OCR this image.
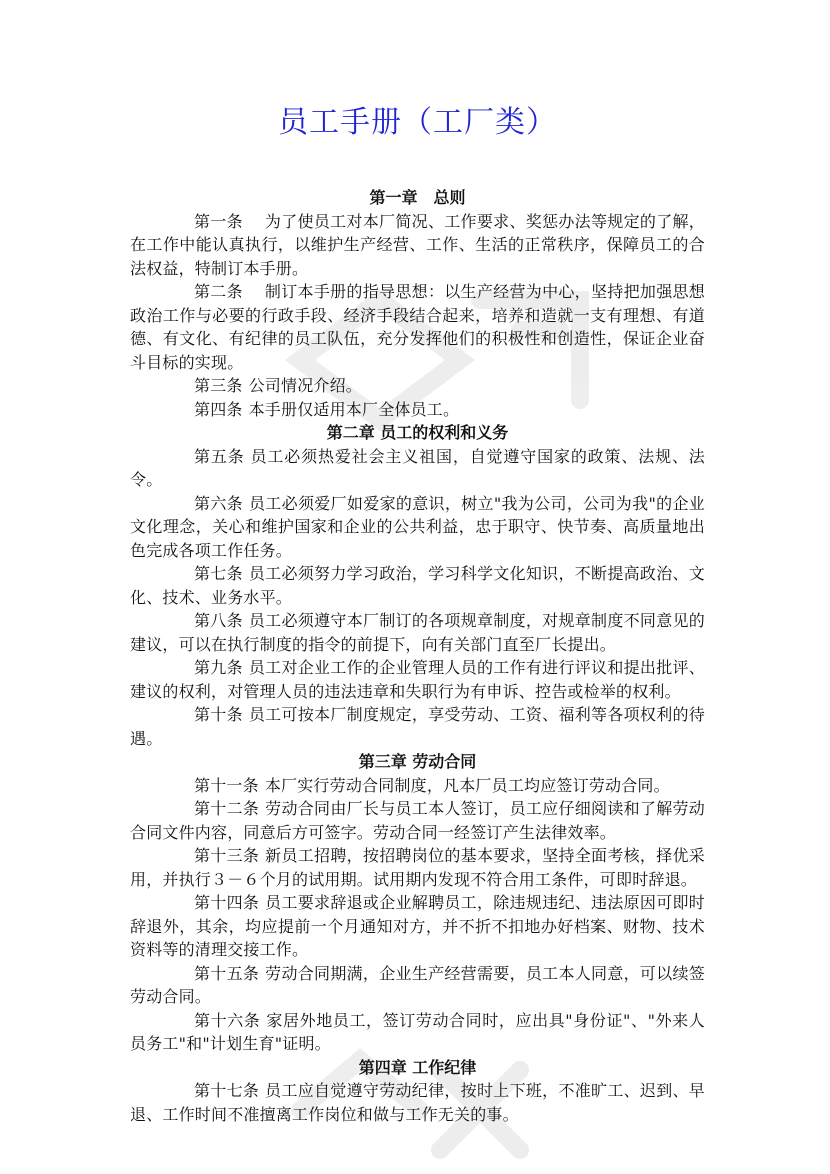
员工手册（工厂类）

第一章　总则

第一条 为了使员工对本厂简况、工作要求、奖惩办法等规定的了解，在工作中能认真执行，以维护生产经营、工作、生活的正常秩序，保障员工的合法权益，特制订本手册。

第二条 制订本手册的指导思想：以生产经营为中心，坚持把加强思想政治工作与必要的行政手段、经济手段结合起来，培养和造就一支有理想、有道德、有文化、有纪律的员工队伍，充分发挥他们的积极性和创造性，保证企业奋斗目标的实现。

第三条 公司情况介绍。

第四条 本手册仅适用本厂全体员工。

第二章 员工的权利和义务

第五条 员工必须热爱社会主义祖国，自觉遵守国家的政策、法规、法令。

第六条 员工必须爱厂如爱家的意识，树立"我为公司，公司为我"的企业文化理念，关心和维护国家和企业的公共利益，忠于职守、快节奏、高质量地出色完成各项工作任务。

第七条 员工必须努力学习政治，学习科学文化知识，不断提高政治、文化、技术、业务水平。

第八条 员工必须遵守本厂制订的各项规章制度，对规章制度不同意见的建议，可以在执行制度的指令的前提下，向有关部门直至厂长提出。

第九条 员工对企业工作的企业管理人员的工作有进行评议和提出批评、建议的权利，对管理人员的违法违章和失职行为有申诉、控告或检举的权利。

第十条 员工可按本厂制度规定，享受劳动、工资、福利等各项权利的待遇。

第三章 劳动合同

第十一条 本厂实行劳动合同制度，凡本厂员工均应签订劳动合同。

第十二条 劳动合同由厂长与员工本人签订，员工应仔细阅读和了解劳动合同文件内容，同意后方可签字。劳动合同一经签订产生法律效率。

第十三条 新员工招聘，按招聘岗位的基本要求，坚持全面考核，择优采用，并执行３－６个月的试用期。试用期内发现不符合用工条件，可即时辞退。

第十四条 员工要求辞退或企业解聘员工，除违规违纪、违法原因可即时辞退外，其余，均应提前一个月通知对方，并不折不扣地办好档案、财物、技术资料等的清理交接工作。

第十五条 劳动合同期满，企业生产经营需要，员工本人同意，可以续签劳动合同。

第十六条 家居外地员工，签订劳动合同时，应出具"身份证"、"外来人员务工"和"计划生育"证明。

第四章 工作纪律

第十七条 员工应自觉遵守劳动纪律，按时上下班，不准旷工、迟到、早退、工作时间不准擅离工作岗位和做与工作无关的事。
